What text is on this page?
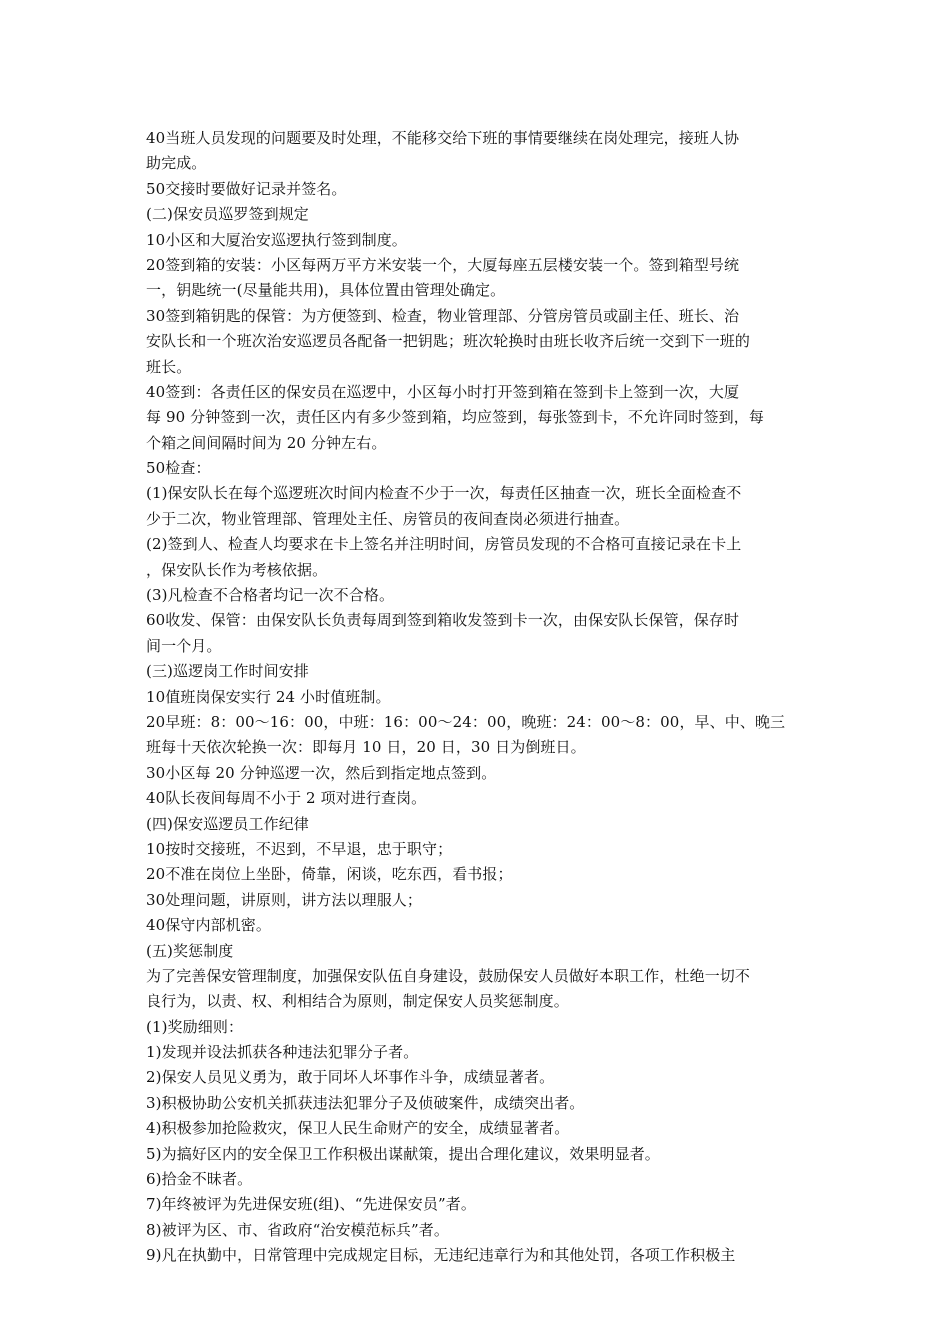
40当班人员发现的问题要及时处理，不能移交给下班的事情要继续在岗处理完，接班人协
助完成。
50交接时要做好记录并签名。
(二)保安员巡罗签到规定
10小区和大厦治安巡逻执行签到制度。
20签到箱的安装：小区每两万平方米安装一个，大厦每座五层楼安装一个。签到箱型号统
一，钥匙统一(尽量能共用)，具体位置由管理处确定。
30签到箱钥匙的保管：为方便签到、检查，物业管理部、分管房管员或副主任、班长、治
安队长和一个班次治安巡逻员各配备一把钥匙；班次轮换时由班长收齐后统一交到下一班的
班长。
40签到：各责任区的保安员在巡逻中，小区每小时打开签到箱在签到卡上签到一次，大厦
每 90 分钟签到一次，责任区内有多少签到箱，均应签到，每张签到卡，不允许同时签到，每
个箱之间间隔时间为 20 分钟左右。
50检查：
(1)保安队长在每个巡逻班次时间内检查不少于一次，每责任区抽查一次，班长全面检查不
少于二次，物业管理部、管理处主任、房管员的夜间查岗必须进行抽查。
(2)签到人、检查人均要求在卡上签名并注明时间，房管员发现的不合格可直接记录在卡上
，保安队长作为考核依据。
(3)凡检查不合格者均记一次不合格。
60收发、保管：由保安队长负责每周到签到箱收发签到卡一次，由保安队长保管，保存时
间一个月。
(三)巡逻岗工作时间安排
10值班岗保安实行 24 小时值班制。
20早班：8：00～16：00，中班：16：00～24：00，晚班：24：00～8：00，早、中、晚三
班每十天依次轮换一次：即每月 10 日，20 日，30 日为倒班日。
30小区每 20 分钟巡逻一次，然后到指定地点签到。
40队长夜间每周不小于 2 项对进行查岗。
(四)保安巡逻员工作纪律
10按时交接班，不迟到，不早退，忠于职守；
20不准在岗位上坐卧，倚靠，闲谈，吃东西，看书报；
30处理问题，讲原则，讲方法以理服人；
40保守内部机密。
(五)奖惩制度
为了完善保安管理制度，加强保安队伍自身建设，鼓励保安人员做好本职工作，杜绝一切不
良行为，以责、权、利相结合为原则，制定保安人员奖惩制度。
(1)奖励细则：
1)发现并设法抓获各种违法犯罪分子者。
2)保安人员见义勇为，敢于同坏人坏事作斗争，成绩显著者。
3)积极协助公安机关抓获违法犯罪分子及侦破案件，成绩突出者。
4)积极参加抢险救灾，保卫人民生命财产的安全，成绩显著者。
5)为搞好区内的安全保卫工作积极出谋献策，提出合理化建议，效果明显者。
6)拾金不昧者。
7)年终被评为先进保安班(组)、“先进保安员”者。
8)被评为区、市、省政府“治安模范标兵”者。
9)凡在执勤中，日常管理中完成规定目标，无违纪违章行为和其他处罚，各项工作积极主
